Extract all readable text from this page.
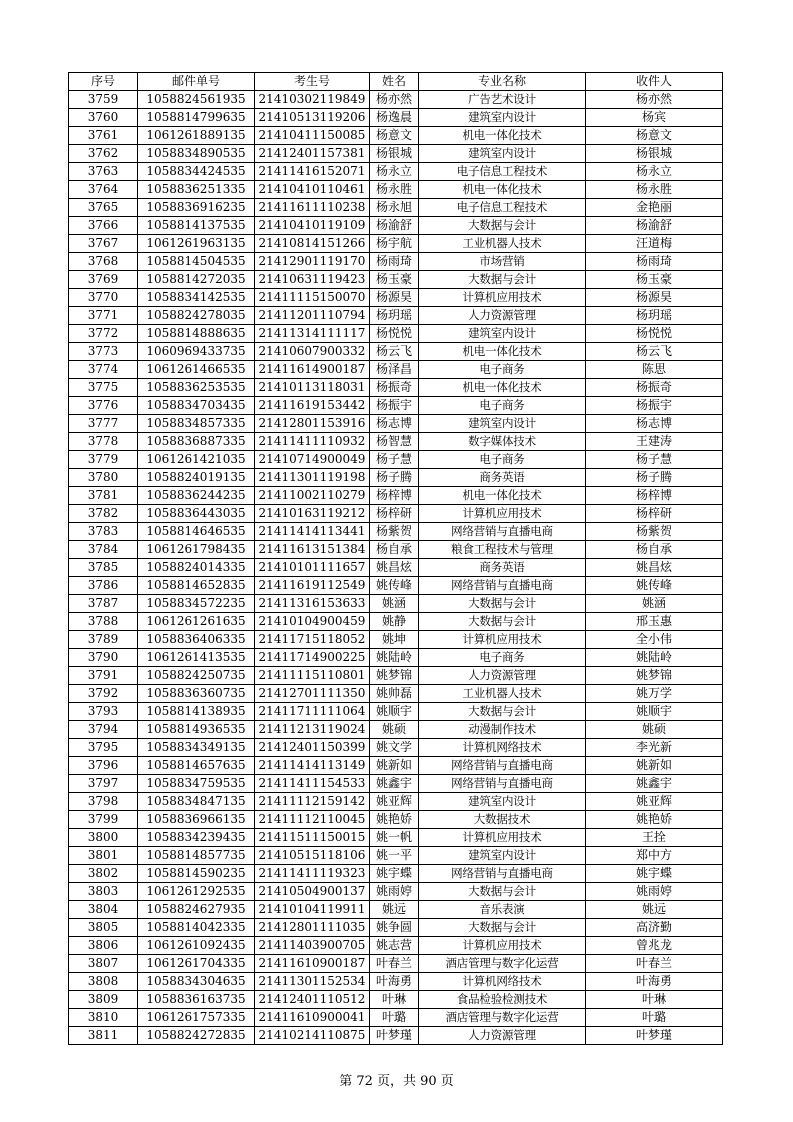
序号	邮件单号	考生号	姓名	专业名称	收件人
3759	1058824561935	21410302119849	杨亦然	广告艺术设计	杨亦然
3760	1058814799635	21410513119206	杨逸晨	建筑室内设计	杨宾
3761	1061261889135	21410411150085	杨意文	机电一体化技术	杨意文
3762	1058834890535	21412401157381	杨银城	建筑室内设计	杨银城
3763	1058834424535	21411416152071	杨永立	电子信息工程技术	杨永立
3764	1058836251335	21410410110461	杨永胜	机电一体化技术	杨永胜
3765	1058836916235	21411611110238	杨永旭	电子信息工程技术	金艳丽
3766	1058814137535	21410410119109	杨渝舒	大数据与会计	杨渝舒
3767	1061261963135	21410814151266	杨宇航	工业机器人技术	汪道梅
3768	1058814504535	21412901119170	杨雨琦	市场营销	杨雨琦
3769	1058814272035	21410631119423	杨玉豪	大数据与会计	杨玉豪
3770	1058834142535	21411115150070	杨源昊	计算机应用技术	杨源昊
3771	1058824278035	21411201110794	杨玥瑶	人力资源管理	杨玥瑶
3772	1058814888635	21411314111117	杨悦悦	建筑室内设计	杨悦悦
3773	1060969433735	21410607900332	杨云飞	机电一体化技术	杨云飞
3774	1061261466535	21411614900187	杨泽昌	电子商务	陈思
3775	1058836253535	21410113118031	杨振奇	机电一体化技术	杨振奇
3776	1058834703435	21411619153442	杨振宇	电子商务	杨振宇
3777	1058834857335	21412801153916	杨志博	建筑室内设计	杨志博
3778	1058836887335	21411411110932	杨智慧	数字媒体技术	王建涛
3779	1061261421035	21410714900049	杨子慧	电子商务	杨子慧
3780	1058824019135	21411301119198	杨子腾	商务英语	杨子腾
3781	1058836244235	21411002110279	杨梓博	机电一体化技术	杨梓博
3782	1058836443035	21410163119212	杨梓研	计算机应用技术	杨梓研
3783	1058814646535	21411414113441	杨紫贺	网络营销与直播电商	杨紫贺
3784	1061261798435	21411613151384	杨自承	粮食工程技术与管理	杨自承
3785	1058824014335	21410101111657	姚昌炫	商务英语	姚昌炫
3786	1058814652835	21411619112549	姚传峰	网络营销与直播电商	姚传峰
3787	1058834572235	21411316153633	姚涵	大数据与会计	姚涵
3788	1061261261635	21410104900459	姚静	大数据与会计	邢玉惠
3789	1058836406335	21411715118052	姚坤	计算机应用技术	全小伟
3790	1061261413535	21411714900225	姚陆岭	电子商务	姚陆岭
3791	1058824250735	21411115110801	姚梦锦	人力资源管理	姚梦锦
3792	1058836360735	21412701111350	姚帅磊	工业机器人技术	姚万学
3793	1058814138935	21411711111064	姚顺宇	大数据与会计	姚顺宇
3794	1058814936535	21411213119024	姚硕	动漫制作技术	姚硕
3795	1058834349135	21412401150399	姚文学	计算机网络技术	李光新
3796	1058814657635	21411414113149	姚新如	网络营销与直播电商	姚新如
3797	1058834759535	21411411154533	姚鑫宇	网络营销与直播电商	姚鑫宇
3798	1058834847135	21411112159142	姚亚辉	建筑室内设计	姚亚辉
3799	1058836966135	21411112110045	姚艳娇	大数据技术	姚艳娇
3800	1058834239435	21411511150015	姚一帆	计算机应用技术	王拴
3801	1058814857735	21410515118106	姚一平	建筑室内设计	郑中方
3802	1058814590235	21411411119323	姚宇蝶	网络营销与直播电商	姚宇蝶
3803	1061261292535	21410504900137	姚雨婷	大数据与会计	姚雨婷
3804	1058824627935	21410104119911	姚远	音乐表演	姚远
3805	1058814042335	21412801111035	姚争圆	大数据与会计	高济勤
3806	1061261092435	21411403900705	姚志营	计算机应用技术	曾兆龙
3807	1061261704335	21411610900187	叶春兰	酒店管理与数字化运营	叶春兰
3808	1058834304635	21411301152534	叶海勇	计算机网络技术	叶海勇
3809	1058836163735	21412401110512	叶琳	食品检验检测技术	叶琳
3810	1061261757335	21411610900041	叶璐	酒店管理与数字化运营	叶璐
3811	1058824272835	21410214110875	叶梦瑾	人力资源管理	叶梦瑾
第 72 页，共 90 页
